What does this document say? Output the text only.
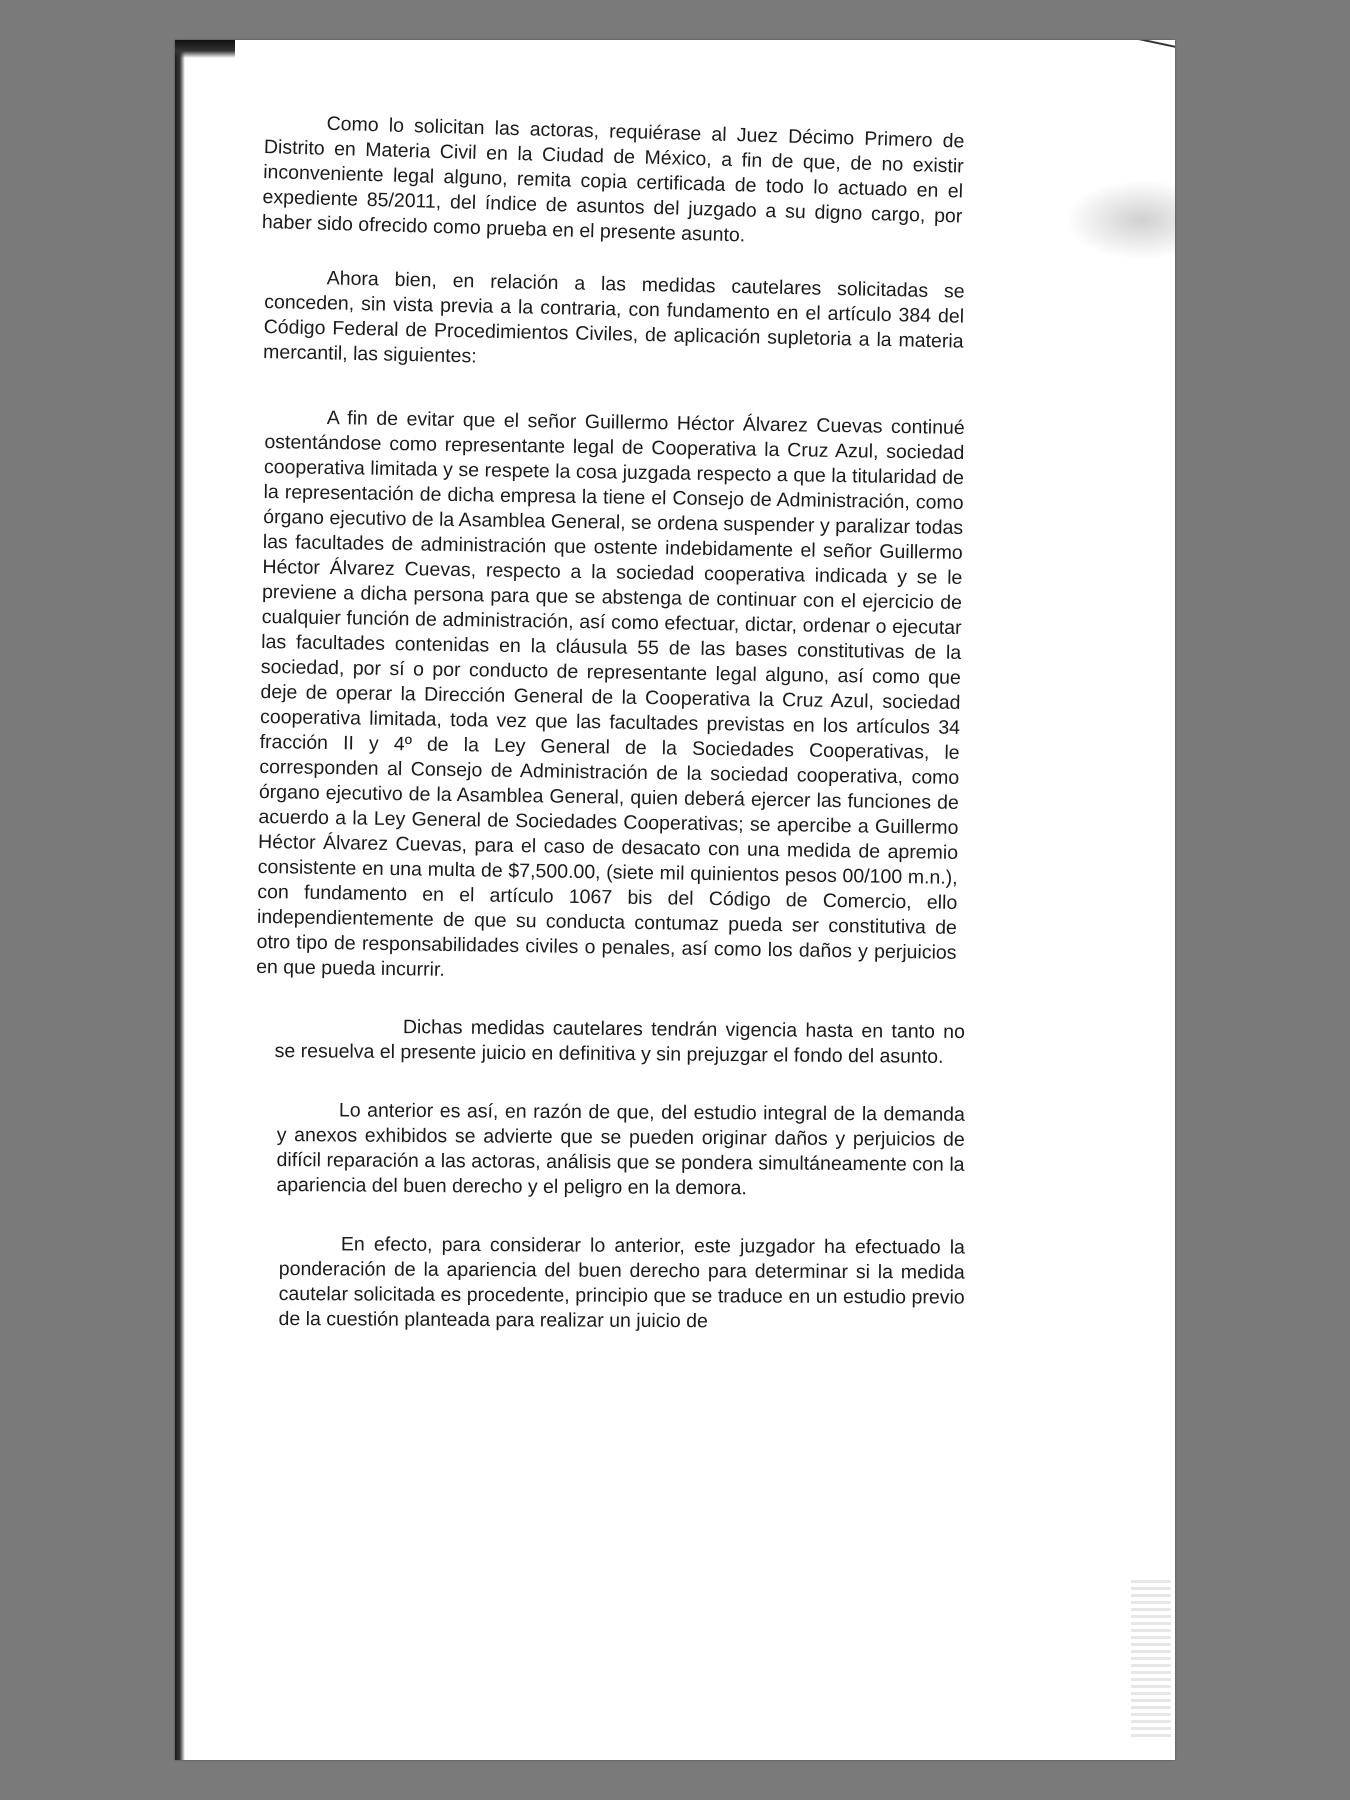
Como lo solicitan las actoras, requiérase al Juez Décimo Primero de Distrito en Materia Civil en la Ciudad de México, a fin de que, de no existir inconveniente legal alguno, remita copia certificada de todo lo actuado en el expediente 85/2011, del índice de asuntos del juzgado a su digno cargo, por haber sido ofrecido como prueba en el presente asunto.

Ahora bien, en relación a las medidas cautelares solicitadas se conceden, sin vista previa a la contraria, con fundamento en el artículo 384 del Código Federal de Procedimientos Civiles, de aplicación supletoria a la materia mercantil, las siguientes:

A fin de evitar que el señor Guillermo Héctor Álvarez Cuevas continué ostentándose como representante legal de Cooperativa la Cruz Azul, sociedad cooperativa limitada y se respete la cosa juzgada respecto a que la titularidad de la representación de dicha empresa la tiene el Consejo de Administración, como órgano ejecutivo de la Asamblea General, se ordena suspender y paralizar todas las facultades de administración que ostente indebidamente el señor Guillermo Héctor Álvarez Cuevas, respecto a la sociedad cooperativa indicada y se le previene a dicha persona para que se abstenga de continuar con el ejercicio de cualquier función de administración, así como efectuar, dictar, ordenar o ejecutar las facultades contenidas en la cláusula 55 de las bases constitutivas de la sociedad, por sí o por conducto de representante legal alguno, así como que deje de operar la Dirección General de la Cooperativa la Cruz Azul, sociedad cooperativa limitada, toda vez que las facultades previstas en los artículos 34 fracción II y 4º de la Ley General de la Sociedades Cooperativas, le corresponden al Consejo de Administración de la sociedad cooperativa, como órgano ejecutivo de la Asamblea General, quien deberá ejercer las funciones de acuerdo a la Ley General de Sociedades Cooperativas; se apercibe a Guillermo Héctor Álvarez Cuevas, para el caso de desacato con una medida de apremio consistente en una multa de $7,500.00, (siete mil quinientos pesos 00/100 m.n.), con fundamento en el artículo 1067 bis del Código de Comercio, ello independientemente de que su conducta contumaz pueda ser constitutiva de otro tipo de responsabilidades civiles o penales, así como los daños y perjuicios en que pueda incurrir.

Dichas medidas cautelares tendrán vigencia hasta en tanto no se resuelva el presente juicio en definitiva y sin prejuzgar el fondo del asunto.

Lo anterior es así, en razón de que, del estudio integral de la demanda y anexos exhibidos se advierte que se pueden originar daños y perjuicios de difícil reparación a las actoras, análisis que se pondera simultáneamente con la apariencia del buen derecho y el peligro en la demora.

En efecto, para considerar lo anterior, este juzgador ha efectuado la ponderación de la apariencia del buen derecho para determinar si la medida cautelar solicitada es procedente, principio que se traduce en un estudio previo de la cuestión planteada para realizar un juicio de
